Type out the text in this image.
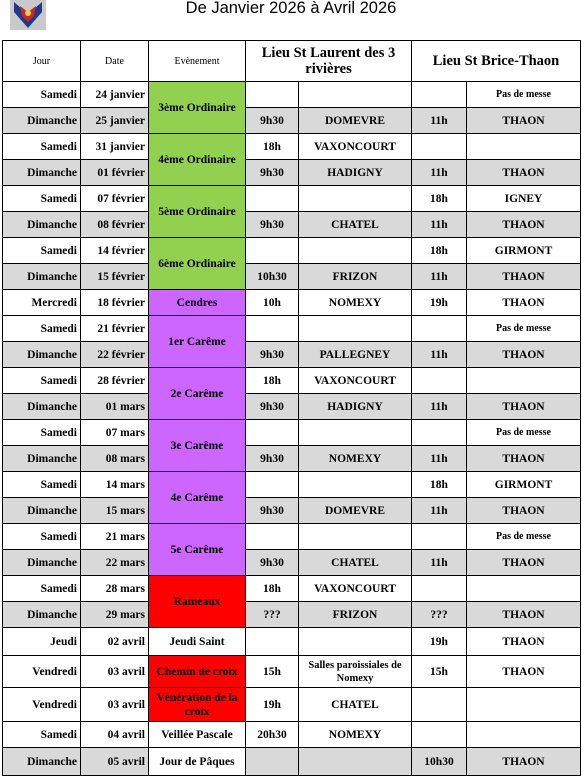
De Janvier 2026 à Avril 2026
Jour	Date	Evènement	Lieu St Laurent des 3 rivières		Lieu St Brice-Thaon	
Samedi	24 janvier	3ème Ordinaire				Pas de messe
Dimanche	25 janvier		9h30	DOMEVRE	11h	THAON
Samedi	31 janvier	4ème Ordinaire	18h	VAXONCOURT		
Dimanche	01 février		9h30	HADIGNY	11h	THAON
Samedi	07 février	5ème Ordinaire			18h	IGNEY
Dimanche	08 février		9h30	CHATEL	11h	THAON
Samedi	14 février	6ème Ordinaire			18h	GIRMONT
Dimanche	15 février		10h30	FRIZON	11h	THAON
Mercredi	18 février	Cendres	10h	NOMEXY	19h	THAON
Samedi	21 février	1er Carême				Pas de messe
Dimanche	22 février		9h30	PALLEGNEY	11h	THAON
Samedi	28 février	2e Carême	18h	VAXONCOURT		
Dimanche	01 mars		9h30	HADIGNY	11h	THAON
Samedi	07 mars	3e Carême				Pas de messe
Dimanche	08 mars		9h30	NOMEXY	11h	THAON
Samedi	14 mars	4e Carême			18h	GIRMONT
Dimanche	15 mars		9h30	DOMEVRE	11h	THAON
Samedi	21 mars	5e Carême				Pas de messe
Dimanche	22 mars		9h30	CHATEL	11h	THAON
Samedi	28 mars	Rameaux	18h	VAXONCOURT		
Dimanche	29 mars		???	FRIZON	???	THAON
Jeudi	02 avril	Jeudi Saint			19h	THAON
Vendredi	03 avril	Chemin de croix	15h	Salles paroissiales de Nomexy	15h	THAON
Vendredi	03 avril	Vénération de la croix	19h	CHATEL		
Samedi	04 avril	Veillée Pascale	20h30	NOMEXY		
Dimanche	05 avril	Jour de Pâques			10h30	THAON
